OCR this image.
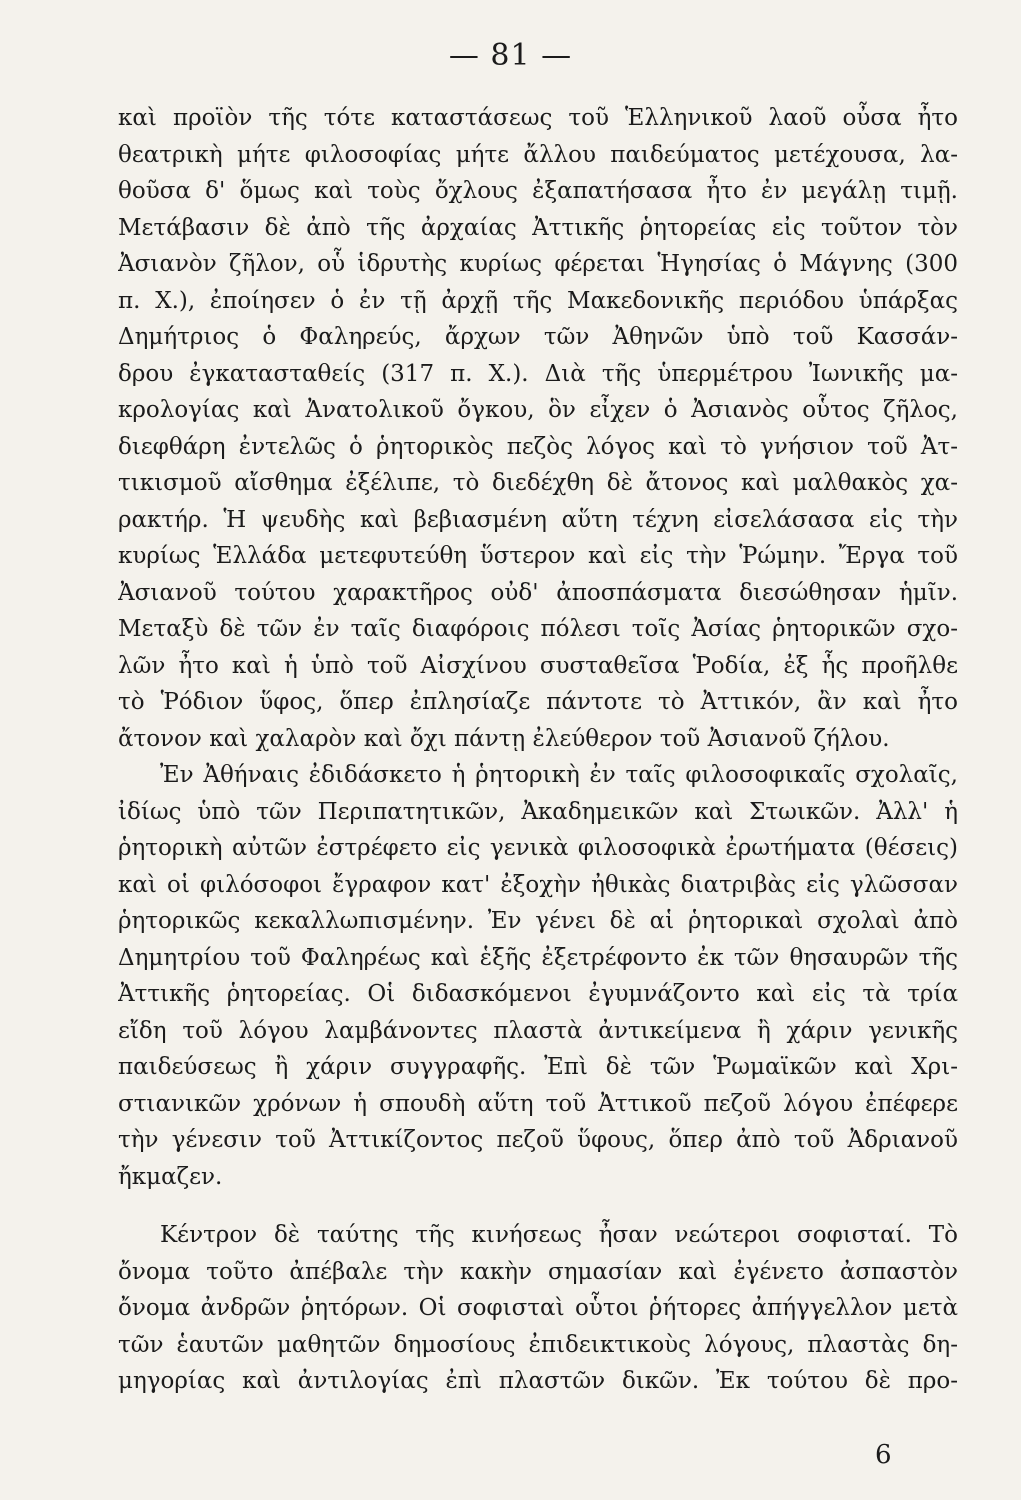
— 81 —
καὶ προϊὸν τῆς τότε καταστάσεως τοῦ Ἑλληνικοῦ λαοῦ οὖσα ἦτο
θεατρικὴ μήτε φιλοσοφίας μήτε ἄλλου παιδεύματος μετέχουσα, λα-
θοῦσα δ' ὅμως καὶ τοὺς ὄχλους ἐξαπατήσασα ἦτο ἐν μεγάλῃ τιμῇ.
Μετάβασιν δὲ ἀπὸ τῆς ἀρχαίας Ἀττικῆς ῥητορείας εἰς τοῦτον τὸν
Ἀσιανὸν ζῆλον, οὗ ἱδρυτὴς κυρίως φέρεται Ἡγησίας ὁ Μάγνης (300
π. Χ.), ἐποίησεν ὁ ἐν τῇ ἀρχῇ τῆς Μακεδονικῆς περιόδου ὑπάρξας
Δημήτριος ὁ Φαληρεύς, ἄρχων τῶν Ἀθηνῶν ὑπὸ τοῦ Κασσάν-
δρου ἐγκατασταθείς (317 π. Χ.). Διὰ τῆς ὑπερμέτρου Ἰωνικῆς μα-
κρολογίας καὶ Ἀνατολικοῦ ὄγκου, ὃν εἶχεν ὁ Ἀσιανὸς οὗτος ζῆλος,
διεφθάρη ἐντελῶς ὁ ῥητορικὸς πεζὸς λόγος καὶ τὸ γνήσιον τοῦ Ἀτ-
τικισμοῦ αἴσθημα ἐξέλιπε, τὸ διεδέχθη δὲ ἄτονος καὶ μαλθακὸς χα-
ρακτήρ. Ἡ ψευδὴς καὶ βεβιασμένη αὕτη τέχνη εἰσελάσασα εἰς τὴν
κυρίως Ἑλλάδα μετεφυτεύθη ὕστερον καὶ εἰς τὴν Ῥώμην. Ἔργα τοῦ
Ἀσιανοῦ τούτου χαρακτῆρος οὐδ' ἀποσπάσματα διεσώθησαν ἡμῖν.
Μεταξὺ δὲ τῶν ἐν ταῖς διαφόροις πόλεσι τοῖς Ἀσίας ῥητορικῶν σχο-
λῶν ἦτο καὶ ἡ ὑπὸ τοῦ Αἰσχίνου συσταθεῖσα Ῥοδία, ἐξ ἧς προῆλθε
τὸ Ῥόδιον ὕφος, ὅπερ ἐπλησίαζε πάντοτε τὸ Ἀττικόν, ἂν καὶ ἦτο
ἄτονον καὶ χαλαρὸν καὶ ὄχι πάντῃ ἐλεύθερον τοῦ Ἀσιανοῦ ζήλου.
Ἐν Ἀθήναις ἐδιδάσκετο ἡ ῥητορικὴ ἐν ταῖς φιλοσοφικαῖς σχολαῖς,
ἰδίως ὑπὸ τῶν Περιπατητικῶν, Ἀκαδημεικῶν καὶ Στωικῶν. Ἀλλ' ἡ
ῥητορικὴ αὐτῶν ἐστρέφετο εἰς γενικὰ φιλοσοφικὰ ἐρωτήματα (θέσεις)
καὶ οἱ φιλόσοφοι ἔγραφον κατ' ἐξοχὴν ἠθικὰς διατριβὰς εἰς γλῶσσαν
ῥητορικῶς κεκαλλωπισμένην. Ἐν γένει δὲ αἱ ῥητορικαὶ σχολαὶ ἀπὸ
Δημητρίου τοῦ Φαληρέως καὶ ἑξῆς ἐξετρέφοντο ἐκ τῶν θησαυρῶν τῆς
Ἀττικῆς ῥητορείας. Οἱ διδασκόμενοι ἐγυμνάζοντο καὶ εἰς τὰ τρία
εἴδη τοῦ λόγου λαμβάνοντες πλαστὰ ἀντικείμενα ἢ χάριν γενικῆς
παιδεύσεως ἢ χάριν συγγραφῆς. Ἐπὶ δὲ τῶν Ῥωμαϊκῶν καὶ Χρι-
στιανικῶν χρόνων ἡ σπουδὴ αὕτη τοῦ Ἀττικοῦ πεζοῦ λόγου ἐπέφερε
τὴν γένεσιν τοῦ Ἀττικίζοντος πεζοῦ ὕφους, ὅπερ ἀπὸ τοῦ Ἀδριανοῦ
ἤκμαζεν.
Κέντρον δὲ ταύτης τῆς κινήσεως ἦσαν νεώτεροι σοφισταί. Τὸ
ὄνομα τοῦτο ἀπέβαλε τὴν κακὴν σημασίαν καὶ ἐγένετο ἀσπαστὸν
ὄνομα ἀνδρῶν ῥητόρων. Οἱ σοφισταὶ οὗτοι ῥήτορες ἀπήγγελλον μετὰ
τῶν ἑαυτῶν μαθητῶν δημοσίους ἐπιδεικτικοὺς λόγους, πλαστὰς δη-
μηγορίας καὶ ἀντιλογίας ἐπὶ πλαστῶν δικῶν. Ἐκ τούτου δὲ προ-
6
